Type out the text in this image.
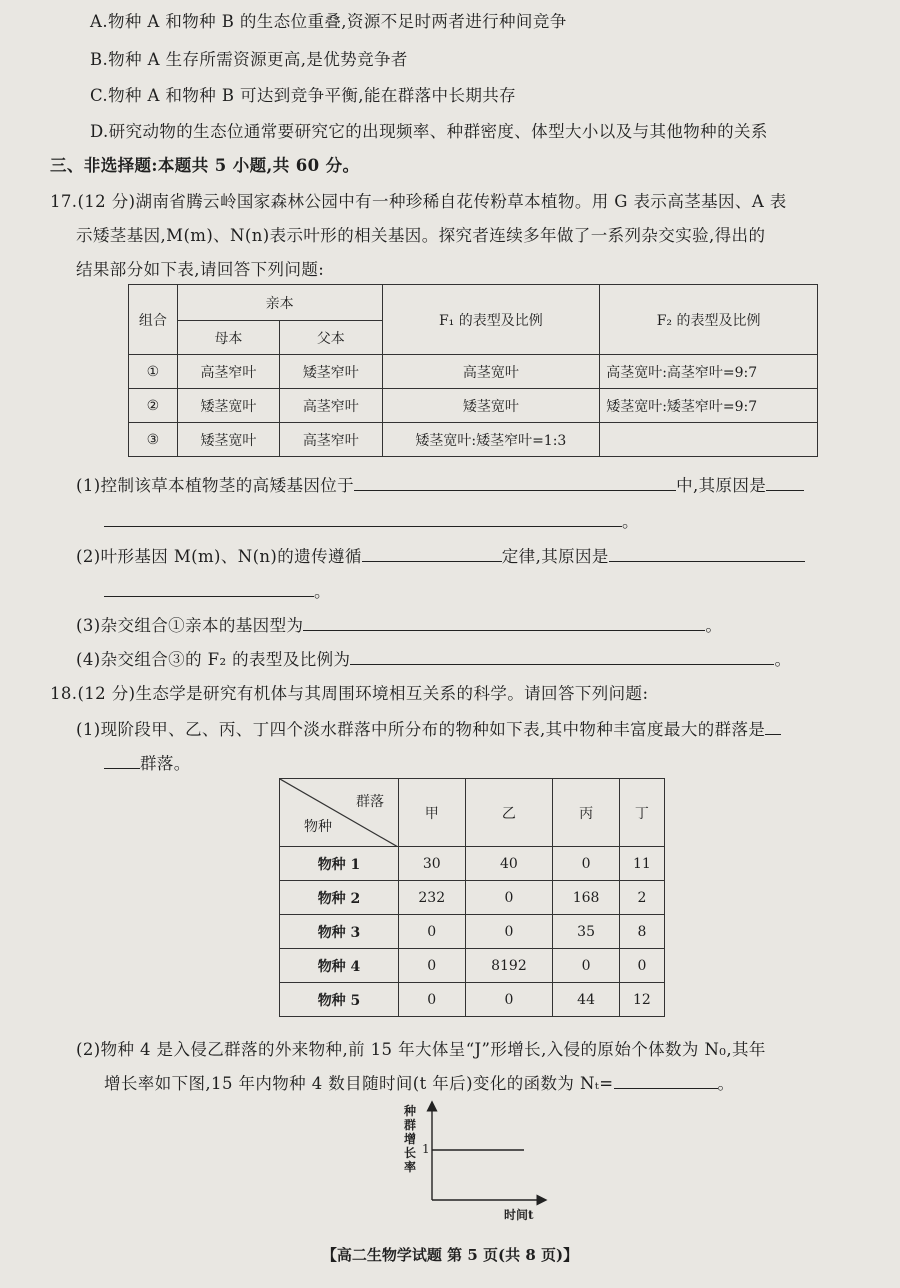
A.物种 A 和物种 B 的生态位重叠,资源不足时两者进行种间竞争
B.物种 A 生存所需资源更高,是优势竞争者
C.物种 A 和物种 B 可达到竞争平衡,能在群落中长期共存
D.研究动物的生态位通常要研究它的出现频率、种群密度、体型大小以及与其他物种的关系
三、非选择题:本题共 5 小题,共 60 分。
17.(12 分)湖南省腾云岭国家森林公园中有一种珍稀自花传粉草本植物。用 G 表示高茎基因、A 表
示矮茎基因,M(m)、N(n)表示叶形的相关基因。探究者连续多年做了一系列杂交实验,得出的
结果部分如下表,请回答下列问题:
组合	亲本		F₁ 的表型及比例	F₂ 的表型及比例
	母本	父本		
①	高茎窄叶	矮茎窄叶	高茎宽叶	高茎宽叶:高茎窄叶=9:7
②	矮茎宽叶	高茎窄叶	矮茎宽叶	矮茎宽叶:矮茎窄叶=9:7
③	矮茎宽叶	高茎窄叶	矮茎宽叶:矮茎窄叶=1:3	
(1)控制该草本植物茎的高矮基因位于	中,其原因是
。
(2)叶形基因 M(m)、N(n)的遗传遵循	定律,其原因是
。
(3)杂交组合①亲本的基因型为	。
(4)杂交组合③的 F₂ 的表型及比例为	。
18.(12 分)生态学是研究有机体与其周围环境相互关系的科学。请回答下列问题:
(1)现阶段甲、乙、丙、丁四个淡水群落中所分布的物种如下表,其中物种丰富度最大的群落是
群落。
群落
物种	甲	乙	丙	丁
物种 1	30	40	0	11
物种 2	232	0	168	2
物种 3	0	0	35	8
物种 4	0	8192	0	0
物种 5	0	0	44	12
(2)物种 4 是入侵乙群落的外来物种,前 15 年大体呈“J”形增长,入侵的原始个体数为 N₀,其年
增长率如下图,15 年内物种 4 数目随时间(t 年后)变化的函数为 Nₜ=	。
种群增长率
1
时间t
【高二生物学试题 第 5 页(共 8 页)】
